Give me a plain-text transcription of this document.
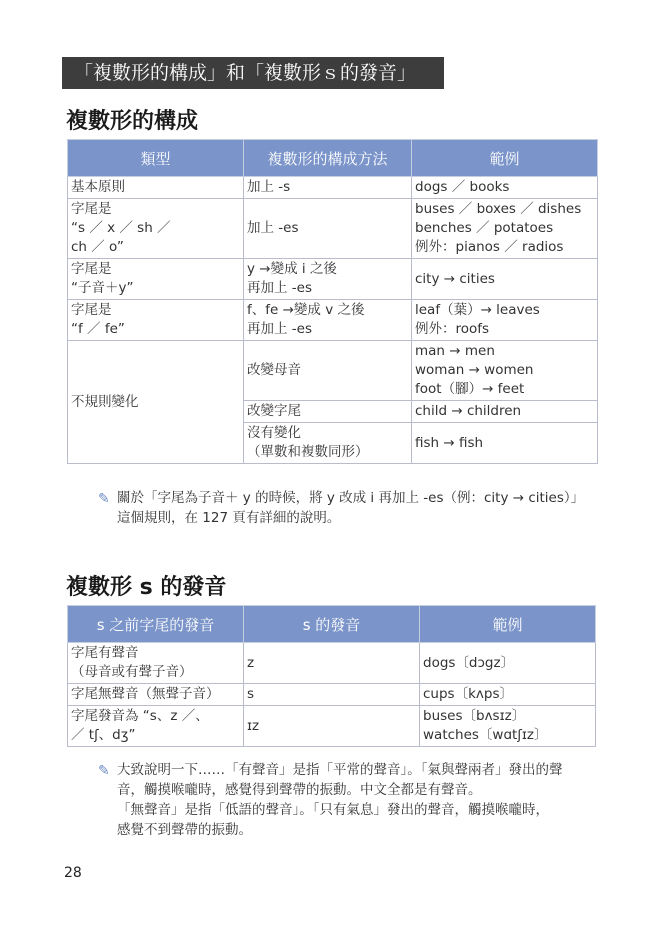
「複數形的構成」和「複數形ｓ的發音」
複數形的構成
類型	複數形的構成方法	範例
基本原則	加上 -s	dogs ／ books
字尾是
“s ／ x ／ sh ／
ch ／ o”	加上 -es	buses ／ boxes ／ dishes
benches ／ potatoes
例外：pianos ／ radios
字尾是
“子音＋y”	y →變成 i 之後
再加上 -es	city → cities
字尾是
“f ／ fe”	f、fe →變成 v 之後
再加上 -es	leaf（葉）→ leaves
例外：roofs
不規則變化	改變母音	man → men
woman → women
foot（腳）→ feet
	改變字尾	child → children
	沒有變化
（單數和複數同形）	fish → fish
✎ 關於「字尾為子音＋ y 的時候，將 y 改成 i 再加上 -es（例：city → cities）」
這個規則，在 127 頁有詳細的說明。
複數形 s 的發音
s 之前字尾的發音	s 的發音	範例
字尾有聲音
（母音或有聲子音）	z	dogs〔dɔgz〕
字尾無聲音（無聲子音）	s	cups〔kʌps〕
字尾發音為 “s、z ／、
／ tʃ、dʒ”	ɪz	buses〔bʌsɪz〕
watches〔wɑtʃɪz〕
✎ 大致說明一下……「有聲音」是指「平常的聲音」。「氣與聲兩者」發出的聲
音，觸摸喉嚨時，感覺得到聲帶的振動。中文全都是有聲音。
「無聲音」是指「低語的聲音」。「只有氣息」發出的聲音，觸摸喉嚨時，
感覺不到聲帶的振動。
28
